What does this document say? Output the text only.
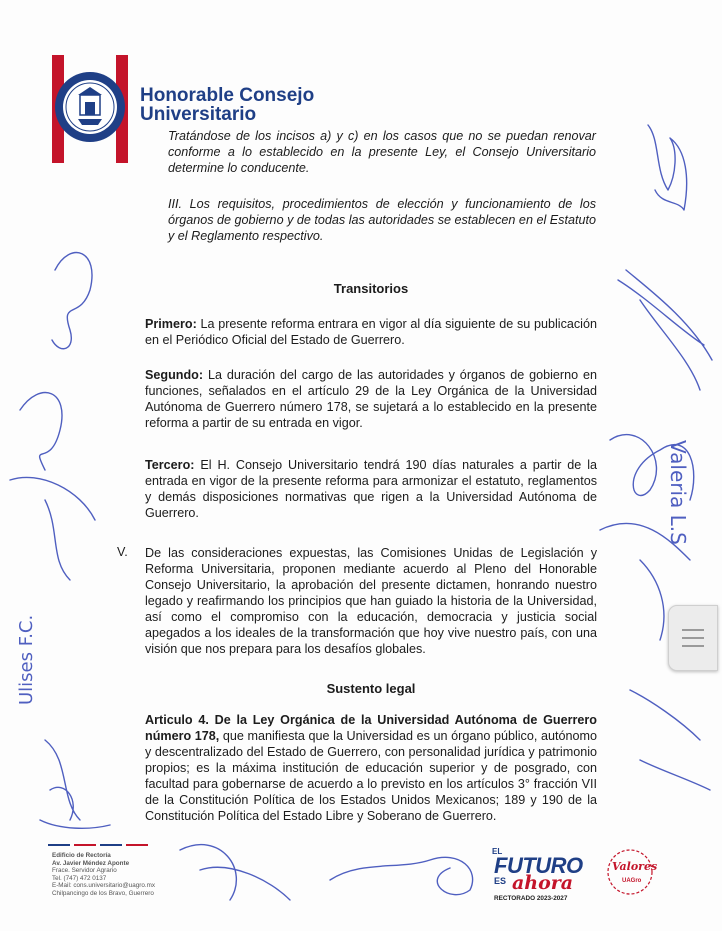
Honorable Consejo
Universitario

Tratándose de los incisos a) y c) en los casos que no se puedan renovar conforme a lo establecido en la presente Ley, el Consejo Universitario determine lo conducente.

III. Los requisitos, procedimientos de elección y funcionamiento de los órganos de gobierno y de todas las autoridades se establecen en el Estatuto y el Reglamento respectivo.

Transitorios

Primero: La presente reforma entrara en vigor al día siguiente de su publicación en el Periódico Oficial del Estado de Guerrero.

Segundo: La duración del cargo de las autoridades y órganos de gobierno en funciones, señalados en el artículo 29 de la Ley Orgánica de la Universidad Autónoma de Guerrero número 178, se sujetará a lo establecido en la presente reforma a partir de su entrada en vigor.

Tercero: El H. Consejo Universitario tendrá 190 días naturales a partir de la entrada en vigor de la presente reforma para armonizar el estatuto, reglamentos y demás disposiciones normativas que rigen a la Universidad Autónoma de Guerrero.

V. De las consideraciones expuestas, las Comisiones Unidas de Legislación y Reforma Universitaria, proponen mediante acuerdo al Pleno del Honorable Consejo Universitario, la aprobación del presente dictamen, honrando nuestro legado y reafirmando los principios que han guiado la historia de la Universidad, así como el compromiso con la educación, democracia y justicia social apegados a los ideales de la transformación que hoy vive nuestro país, con una visión que nos prepara para los desafíos globales.

Sustento legal

Articulo 4. De la Ley Orgánica de la Universidad Autónoma de Guerrero número 178, que manifiesta que la Universidad es un órgano público, autónomo y descentralizado del Estado de Guerrero, con personalidad jurídica y patrimonio propios; es la máxima institución de educación superior y de posgrado, con facultad para gobernarse de acuerdo a lo previsto en los artículos 3° fracción VII de la Constitución Política de los Estados Unidos Mexicanos; 189 y 190 de la Constitución Política del Estado Libre y Soberano de Guerrero.

Edificio de Rectoría
Av. Javier Méndez Aponte
Frace. Servidor Agrario
Tel. (747) 472 0137
E-Mail: cons.universitario@uagro.mx
Chilpancingo de los Bravo, Guerrero
EL
FUTURO
ES ahora
RECTORADO 2023-2027
Valores
UAGro
Valeria L.S
Ulises F.C.
